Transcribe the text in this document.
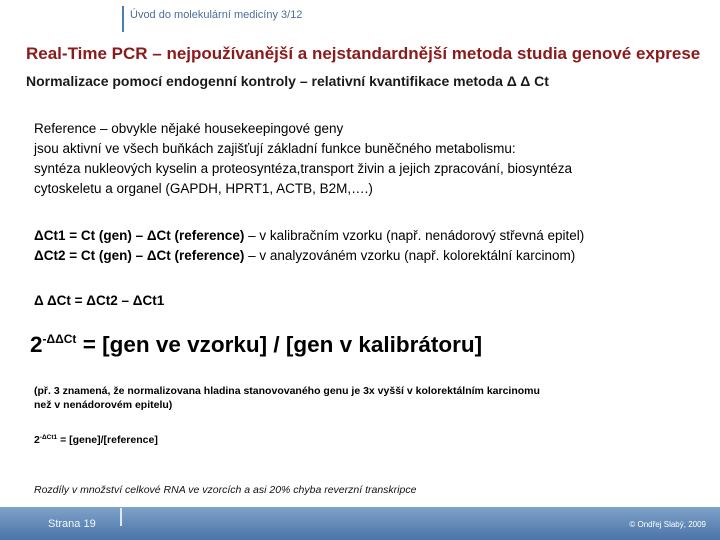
Úvod do molekulární medicíny 3/12
Real-Time PCR – nejpoužívanější a nejstandardnější metoda studia genové exprese
Normalizace pomocí endogenní kontroly – relativní kvantifikace metoda Δ Δ Ct
Reference – obvykle nějaké housekeepingové geny
jsou aktivní ve všech buňkách zajišťují základní funkce buněčného metabolismu:
syntéza nukleových kyselin a proteosyntéza,transport živin a jejich zpracování, biosyntéza
cytoskeletu a organel (GAPDH, HPRT1, ACTB, B2M,….)
ΔCt1 = Ct (gen) – ΔCt (reference) – v kalibračním vzorku (např. nenádorový střevná epitel)
ΔCt2 = Ct (gen) – ΔCt (reference) – v analyzováném vzorku (např. kolorektální karcinom)
Δ ΔCt = ΔCt2 – ΔCt1
$2^{-\Delta\Delta Ct} = [gen$ ve vzorku] / [gen v kalibrátoru]
(př. 3 znamená, že normalizovana hladina stanovovaného genu je 3x vyšší v kolorektálním karcinomu
než v nenádorovém epitelu)
$2^{-\Delta Ct1}$ = [gene]/[reference]
Rozdíly v množství celkové RNA ve vzorcích a asi 20% chyba reverzní transkripce
Strana 19	© Ondřej Slabý, 2009
